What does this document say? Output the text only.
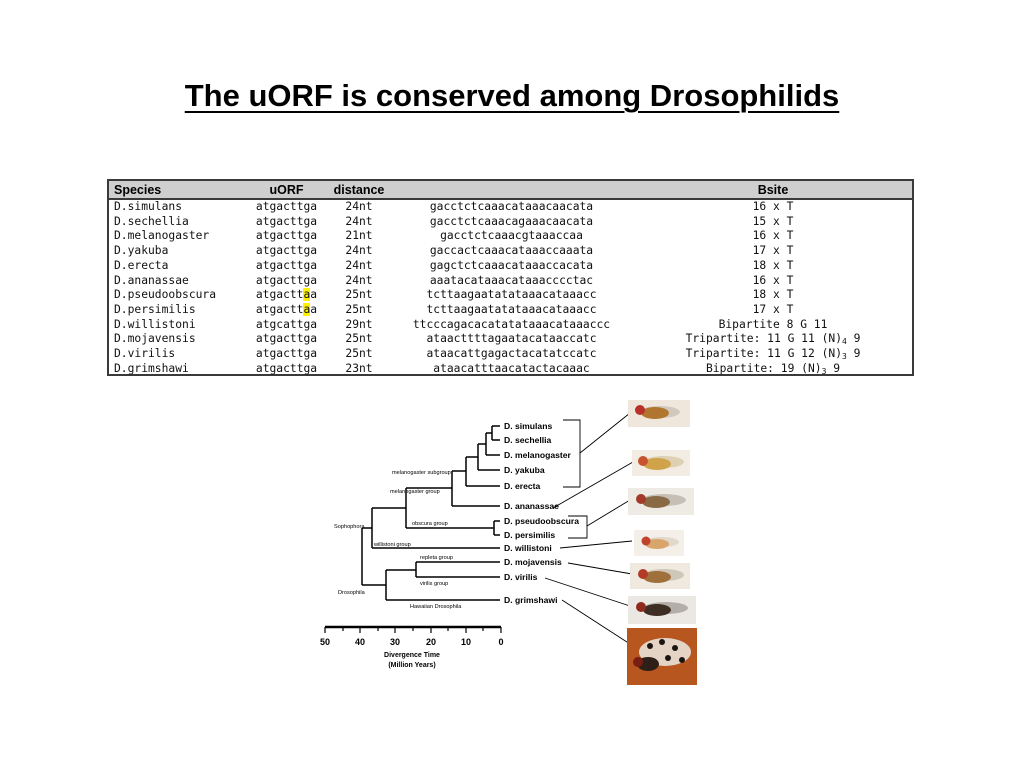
The uORF is conserved among Drosophilids
Species	uORF	distance		Bsite
D.simulans	atgacttga	24nt	gacctctcaaacataaacaacata	16 x T
D.sechellia	atgacttga	24nt	gacctctcaaacagaaacaacata	15 x T
D.melanogaster	atgacttga	21nt	gacctctcaaacgtaaaccaa	16 x T
D.yakuba	atgacttga	24nt	gaccactcaaacataaaccaaata	17 x T
D.erecta	atgacttga	24nt	gagctctcaaacataaaccacata	18 x T
D.ananassae	atgacttga	24nt	aaatacataaacataaacccctac	16 x T
D.pseudoobscura	atgacttaa	25nt	tcttaagaatatataaacataaacc	18 x T
D.persimilis	atgacttaa	25nt	tcttaagaatatataaacataaacc	17 x T
D.willistoni	atgcattga	29nt	ttcccagacacatatataaacataaaccc	Bipartite 8 G 11
D.mojavensis	atgacttga	25nt	ataacttttagaatacataaccatc	Tripartite: 11 G 11 $(N)_4$ 9
D.virilis	atgacttga	25nt	ataacattgagactacatatccatc	Tripartite: 11 G 12 $(N)_3$ 9
D.grimshawi	atgacttga	23nt	ataacatttaacatactacaaac	Bipartite: 19 $(N)_3$ 9
D. simulans
D. sechellia
D. melanogaster
D. yakuba
D. erecta
D. ananassae
D. pseudoobscura
D. persimilis
D. willistoni
D. mojavensis
D. virilis
D. grimshawi
melanogaster subgroup
melanogaster group
obscura group
Sophophora
willistoni group
repleta group
virilis group
Drosophila
Hawaiian Drosophila
50	40	30	20	10	0
Divergence Time
(Million Years)
